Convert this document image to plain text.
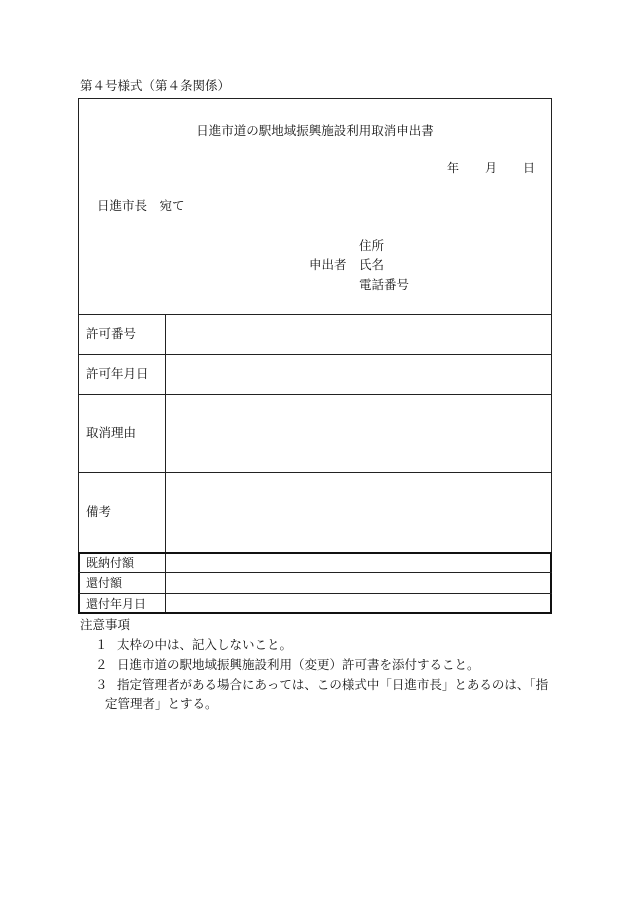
第４号様式（第４条関係）
日進市道の駅地域振興施設利用取消申出書
年 月 日
日進市長　宛て
住所
申出者 氏名
電話番号
許可番号
許可年月日
取消理由
備考
既納付額
還付額
還付年月日
注意事項
１ 太枠の中は、記入しないこと。
２ 日進市道の駅地域振興施設利用（変更）許可書を添付すること。
３ 指定管理者がある場合にあっては、この様式中「日進市長」とあるのは、「指
定管理者」とする。
